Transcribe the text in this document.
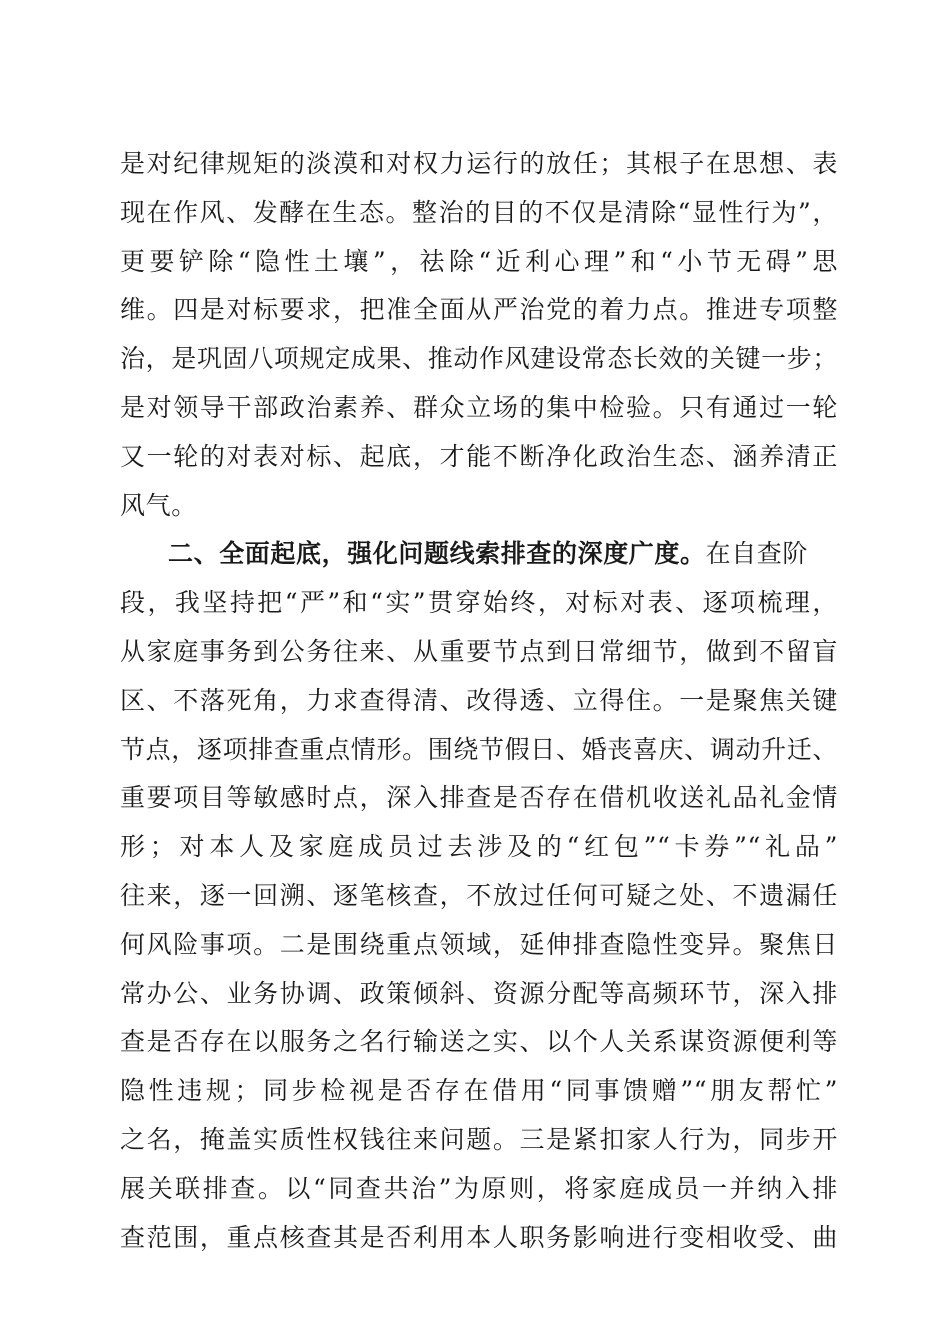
是对纪律规矩的淡漠和对权力运行的放任；其根子在思想、表
现在作风、发酵在生态。整治的目的不仅是清除“显性行为”，
更要铲除“隐性土壤”，祛除“近利心理”和“小节无碍”思
维。四是对标要求，把准全面从严治党的着力点。推进专项整
治，是巩固八项规定成果、推动作风建设常态长效的关键一步；
是对领导干部政治素养、群众立场的集中检验。只有通过一轮
又一轮的对表对标、起底，才能不断净化政治生态、涵养清正
风气。
二、全面起底，强化问题线索排查的深度广度。在自查阶
段，我坚持把“严”和“实”贯穿始终，对标对表、逐项梳理，
从家庭事务到公务往来、从重要节点到日常细节，做到不留盲
区、不落死角，力求查得清、改得透、立得住。一是聚焦关键
节点，逐项排查重点情形。围绕节假日、婚丧喜庆、调动升迁、
重要项目等敏感时点，深入排查是否存在借机收送礼品礼金情
形；对本人及家庭成员过去涉及的“红包”“卡券”“礼品”
往来，逐一回溯、逐笔核查，不放过任何可疑之处、不遗漏任
何风险事项。二是围绕重点领域，延伸排查隐性变异。聚焦日
常办公、业务协调、政策倾斜、资源分配等高频环节，深入排
查是否存在以服务之名行输送之实、以个人关系谋资源便利等
隐性违规；同步检视是否存在借用“同事馈赠”“朋友帮忙”
之名，掩盖实质性权钱往来问题。三是紧扣家人行为，同步开
展关联排查。以“同查共治”为原则，将家庭成员一并纳入排
查范围，重点核查其是否利用本人职务影响进行变相收受、曲
